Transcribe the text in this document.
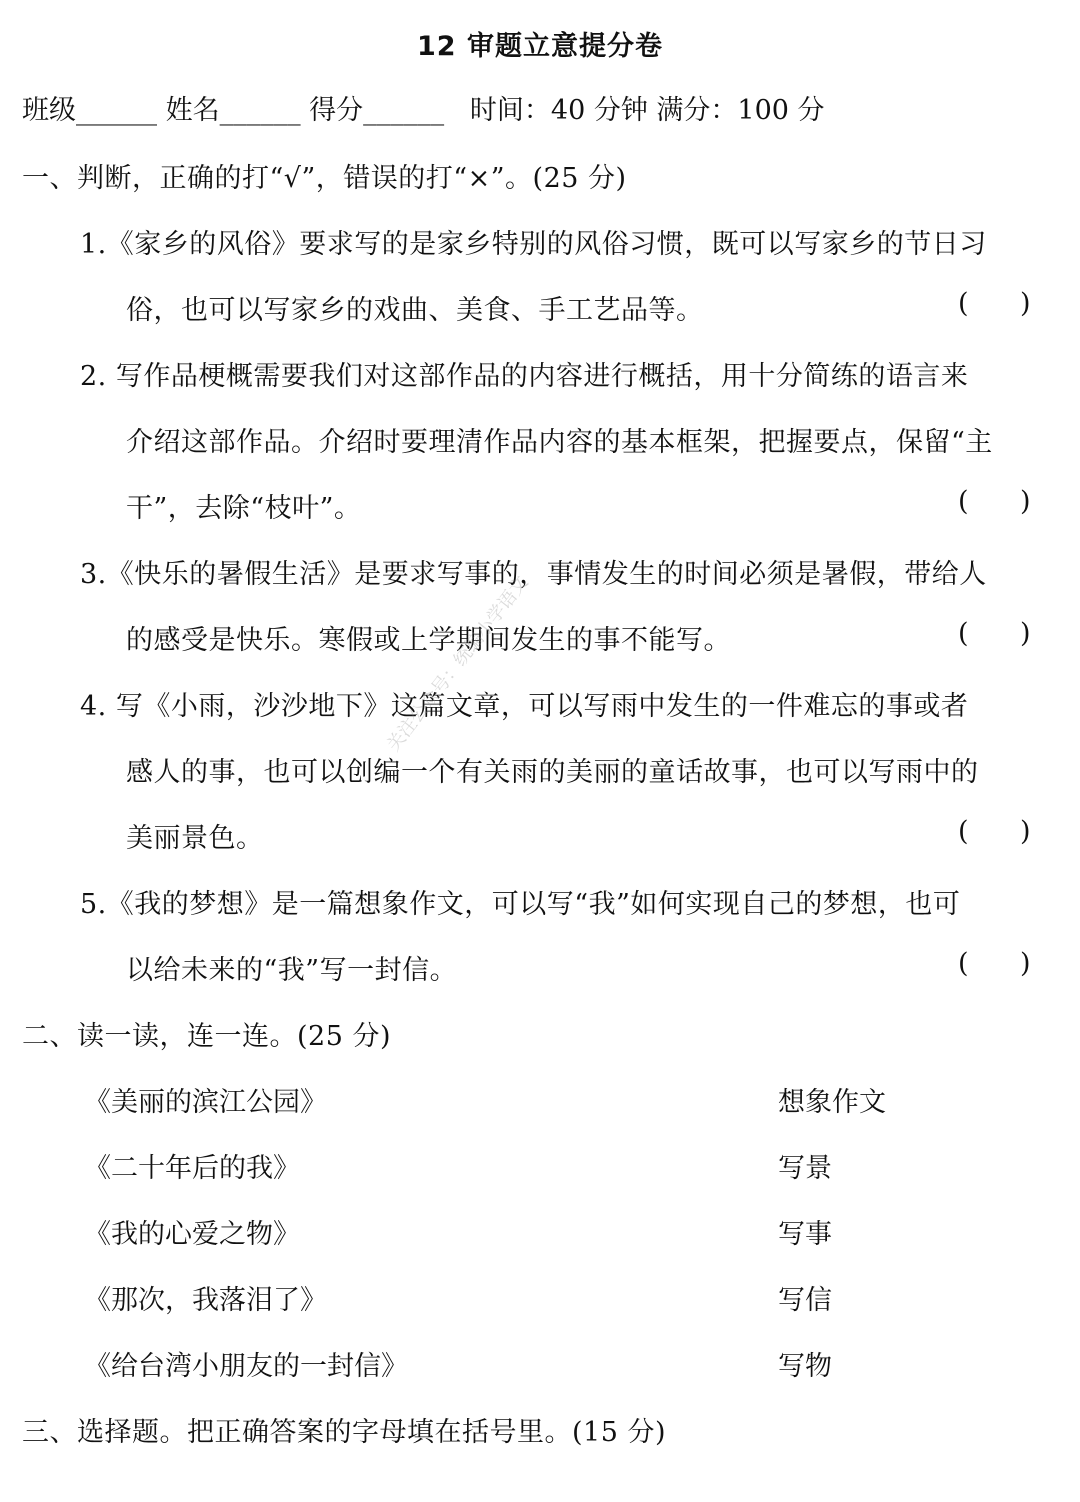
12 审题立意提分卷
班级______ 姓名______ 得分______   时间：40 分钟 满分：100 分
一、判断，正确的打“√”，错误的打“×”。(25 分)
1.《家乡的风俗》要求写的是家乡特别的风俗习惯，既可以写家乡的节日习
俗，也可以写家乡的戏曲、美食、手工艺品等。	(      )
2. 写作品梗概需要我们对这部作品的内容进行概括，用十分简练的语言来
介绍这部作品。介绍时要理清作品内容的基本框架，把握要点，保留“主
干”，去除“枝叶”。	(      )
3.《快乐的暑假生活》是要求写事的，事情发生的时间必须是暑假，带给人
的感受是快乐。寒假或上学期间发生的事不能写。	(      )
4. 写《小雨，沙沙地下》这篇文章，可以写雨中发生的一件难忘的事或者
感人的事，也可以创编一个有关雨的美丽的童话故事，也可以写雨中的
美丽景色。	(      )
5.《我的梦想》是一篇想象作文，可以写“我”如何实现自己的梦想，也可
以给未来的“我”写一封信。	(      )
二、读一读，连一连。(25 分)
《美丽的滨江公园》	想象作文
《二十年后的我》	写景
《我的心爱之物》	写事
《那次，我落泪了》	写信
《给台湾小朋友的一封信》	写物
三、选择题。把正确答案的字母填在括号里。(15 分)
关注公众号：统编小学语文
